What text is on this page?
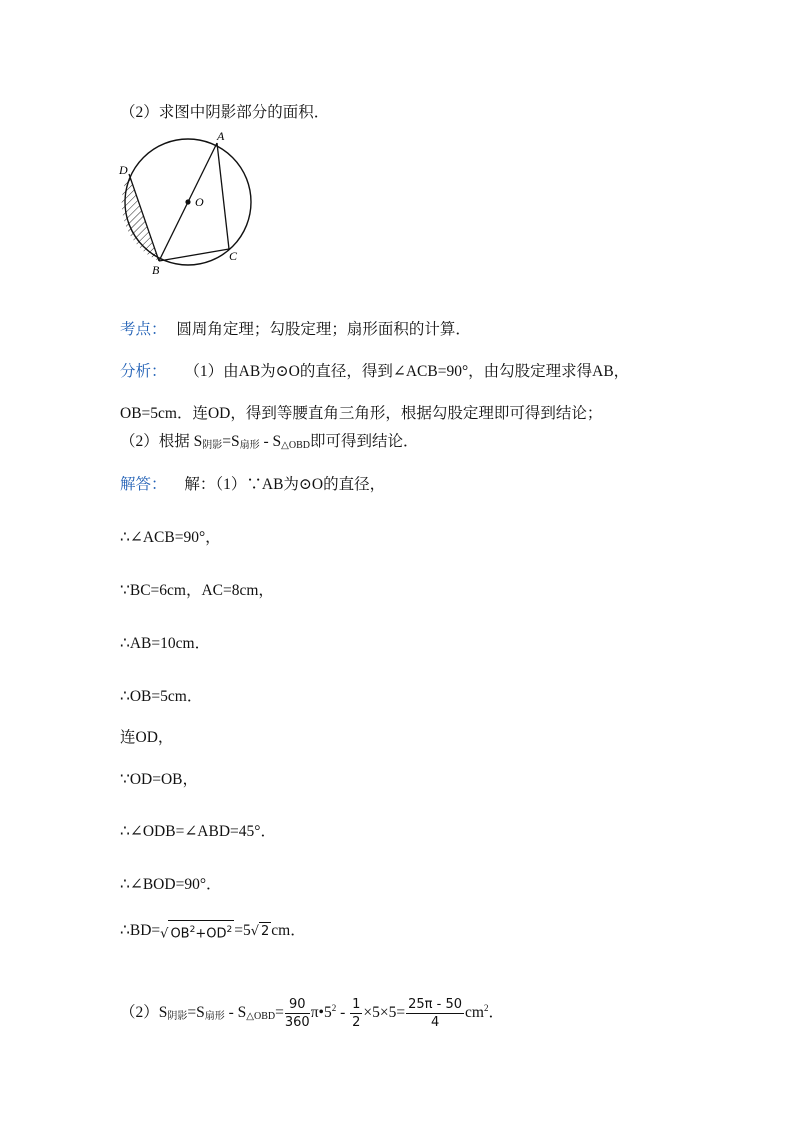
（2）求图中阴影部分的面积．
A
D
O
B
C
考点： 圆周角定理；勾股定理；扇形面积的计算．
分析： （1）由AB为⊙O的直径，得到∠ACB=90°，由勾股定理求得AB，
OB=5cm．连OD，得到等腰直角三角形，根据勾股定理即可得到结论；
（2）根据 $S_{阴影}=S_{扇形} - S_{\triangle OBD}$即可得到结论．
解答： 解：（1）∵AB为⊙O的直径，
∴∠ACB=90°，
∵BC=6cm，AC=8cm，
∴AB=10cm．
∴OB=5cm．
连OD，
∵OD=OB，
∴∠ODB=∠ABD=45°．
∴∠BOD=90°．
∴BD=√ $OB^2+OD^2 =5√$ 2 cm．
$(2)S_{阴影}=S_{扇形} - S_{\triangle OBD}= \frac{90}{360}$ $\pi•5^2 - \frac{1}{2} \times 5\times 5= \frac{25\pi - 50}{4} cm^2$．
